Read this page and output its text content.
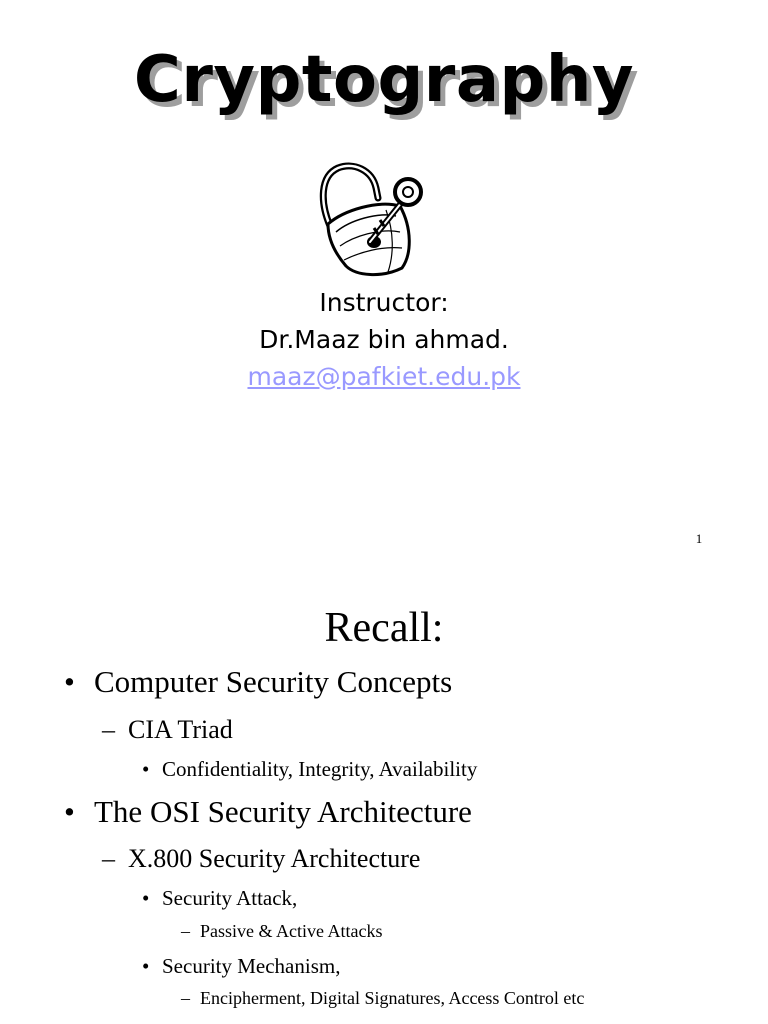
Cryptography
Instructor:
Dr.Maaz bin ahmad.
maaz@pafkiet.edu.pk
1
Recall:
• Computer Security Concepts
– CIA Triad
• Confidentiality, Integrity, Availability
• The OSI Security Architecture
– X.800 Security Architecture
• Security Attack,
– Passive & Active Attacks
• Security Mechanism,
– Encipherment, Digital Signatures, Access Control etc
